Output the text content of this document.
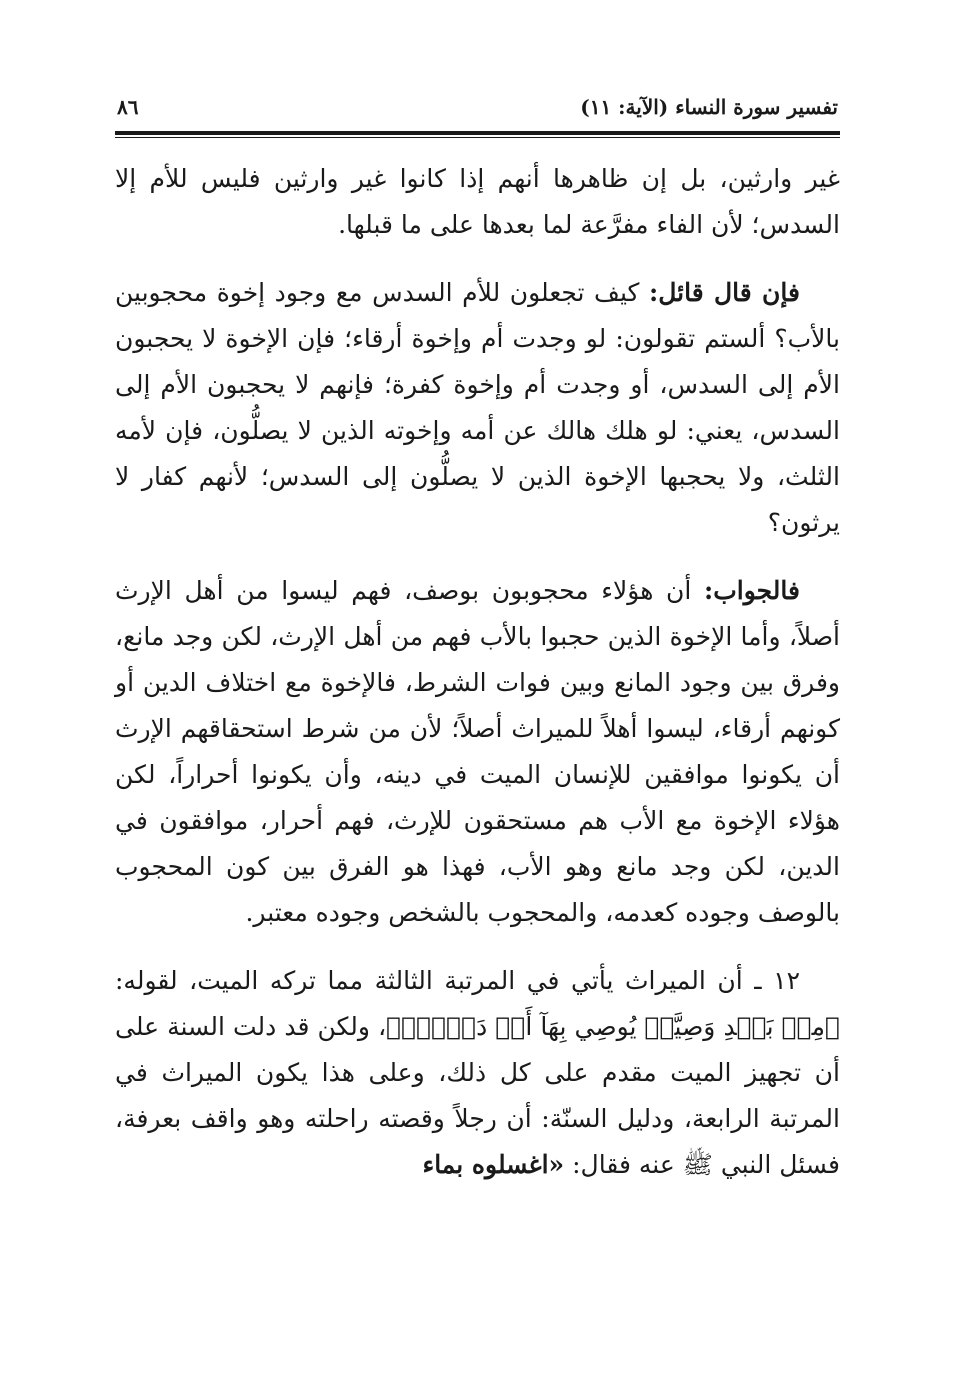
تفسير سورة النساء (الآية: ١١)
٨٦

غير وارثين، بل إن ظاهرها أنهم إذا كانوا غير وارثين فليس للأم إلا السدس؛ لأن الفاء مفرَّعة لما بعدها على ما قبلها.

فإن قال قائل: كيف تجعلون للأم السدس مع وجود إخوة محجوبين بالأب؟ ألستم تقولون: لو وجدت أم وإخوة أرقاء؛ فإن الإخوة لا يحجبون الأم إلى السدس، أو وجدت أم وإخوة كفرة؛ فإنهم لا يحجبون الأم إلى السدس، يعني: لو هلك هالك عن أمه وإخوته الذين لا يصلُّون، فإن لأمه الثلث، ولا يحجبها الإخوة الذين لا يصلُّون إلى السدس؛ لأنهم كفار لا يرثون؟

فالجواب: أن هؤلاء محجوبون بوصف، فهم ليسوا من أهل الإرث أصلاً، وأما الإخوة الذين حجبوا بالأب فهم من أهل الإرث، لكن وجد مانع، وفرق بين وجود المانع وبين فوات الشرط، فالإخوة مع اختلاف الدين أو كونهم أرقاء، ليسوا أهلاً للميراث أصلاً؛ لأن من شرط استحقاقهم الإرث أن يكونوا موافقين للإنسان الميت في دينه، وأن يكونوا أحراراً، لكن هؤلاء الإخوة مع الأب هم مستحقون للإرث، فهم أحرار، موافقون في الدين، لكن وجد مانع وهو الأب، فهذا هو الفرق بين كون المحجوب بالوصف وجوده كعدمه، والمحجوب بالشخص وجوده معتبر.

١٢ ـ أن الميراث يأتي في المرتبة الثالثة مما تركه الميت، لقوله: ﴿مِنۢ بَعۡدِ وَصِيَّةٖ يُوصِي بِهَآ أَوۡ دَيۡنٍۗ﴾، ولكن قد دلت السنة على أن تجهيز الميت مقدم على كل ذلك، وعلى هذا يكون الميراث في المرتبة الرابعة، ودليل السنّة: أن رجلاً وقصته راحلته وهو واقف بعرفة، فسئل النبي ﷺ عنه فقال: «اغسلوه بماء
